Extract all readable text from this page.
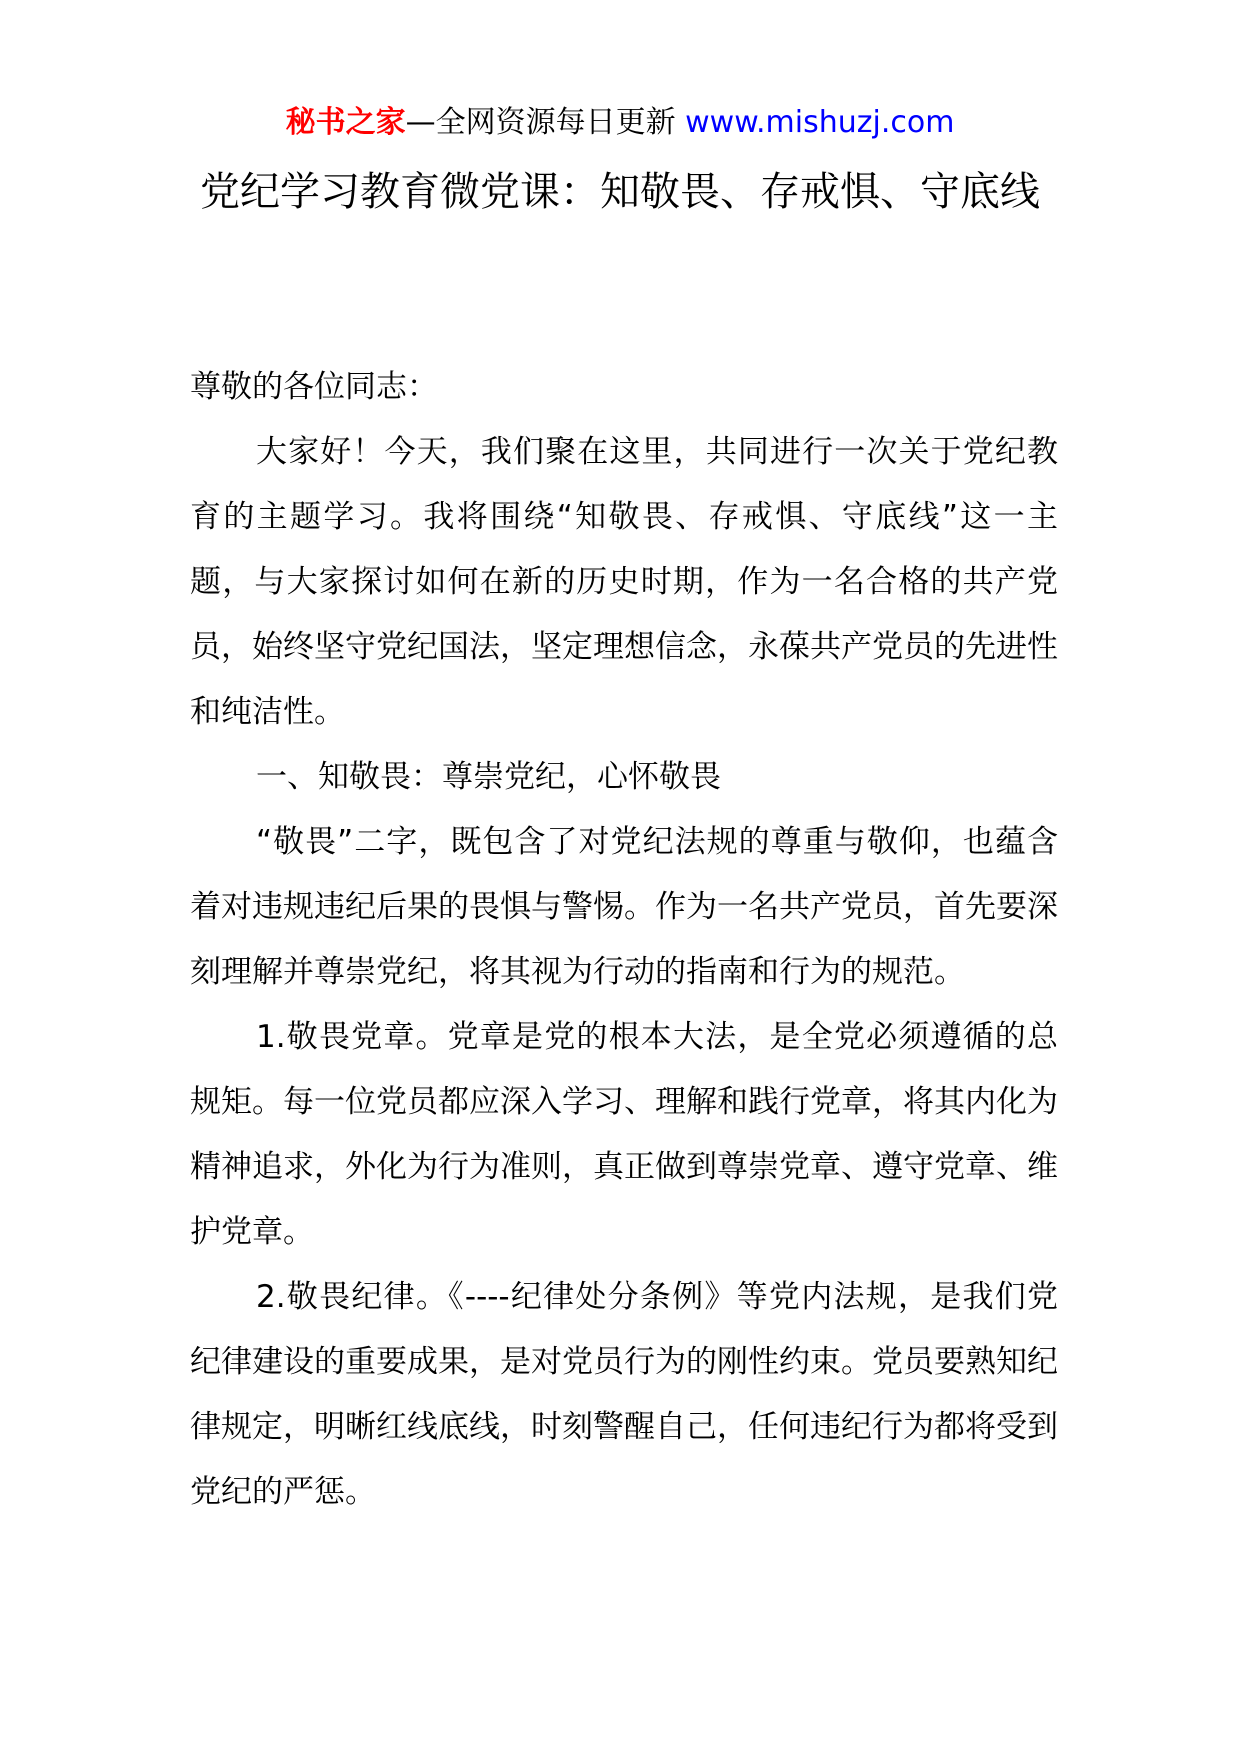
秘书之家—全网资源每日更新 www.mishuzj.com
党纪学习教育微党课：知敬畏、存戒惧、守底线

尊敬的各位同志：

大家好！今天，我们聚在这里，共同进行一次关于党纪教育的主题学习。我将围绕“知敬畏、存戒惧、守底线”这一主题，与大家探讨如何在新的历史时期，作为一名合格的共产党员，始终坚守党纪国法，坚定理想信念，永葆共产党员的先进性和纯洁性。

一、知敬畏：尊崇党纪，心怀敬畏

“敬畏”二字，既包含了对党纪法规的尊重与敬仰，也蕴含着对违规违纪后果的畏惧与警惕。作为一名共产党员，首先要深刻理解并尊崇党纪，将其视为行动的指南和行为的规范。

1.敬畏党章。党章是党的根本大法，是全党必须遵循的总规矩。每一位党员都应深入学习、理解和践行党章，将其内化为精神追求，外化为行为准则，真正做到尊崇党章、遵守党章、维护党章。

2.敬畏纪律。《----纪律处分条例》等党内法规，是我们党纪律建设的重要成果，是对党员行为的刚性约束。党员要熟知纪律规定，明晰红线底线，时刻警醒自己，任何违纪行为都将受到党纪的严惩。
